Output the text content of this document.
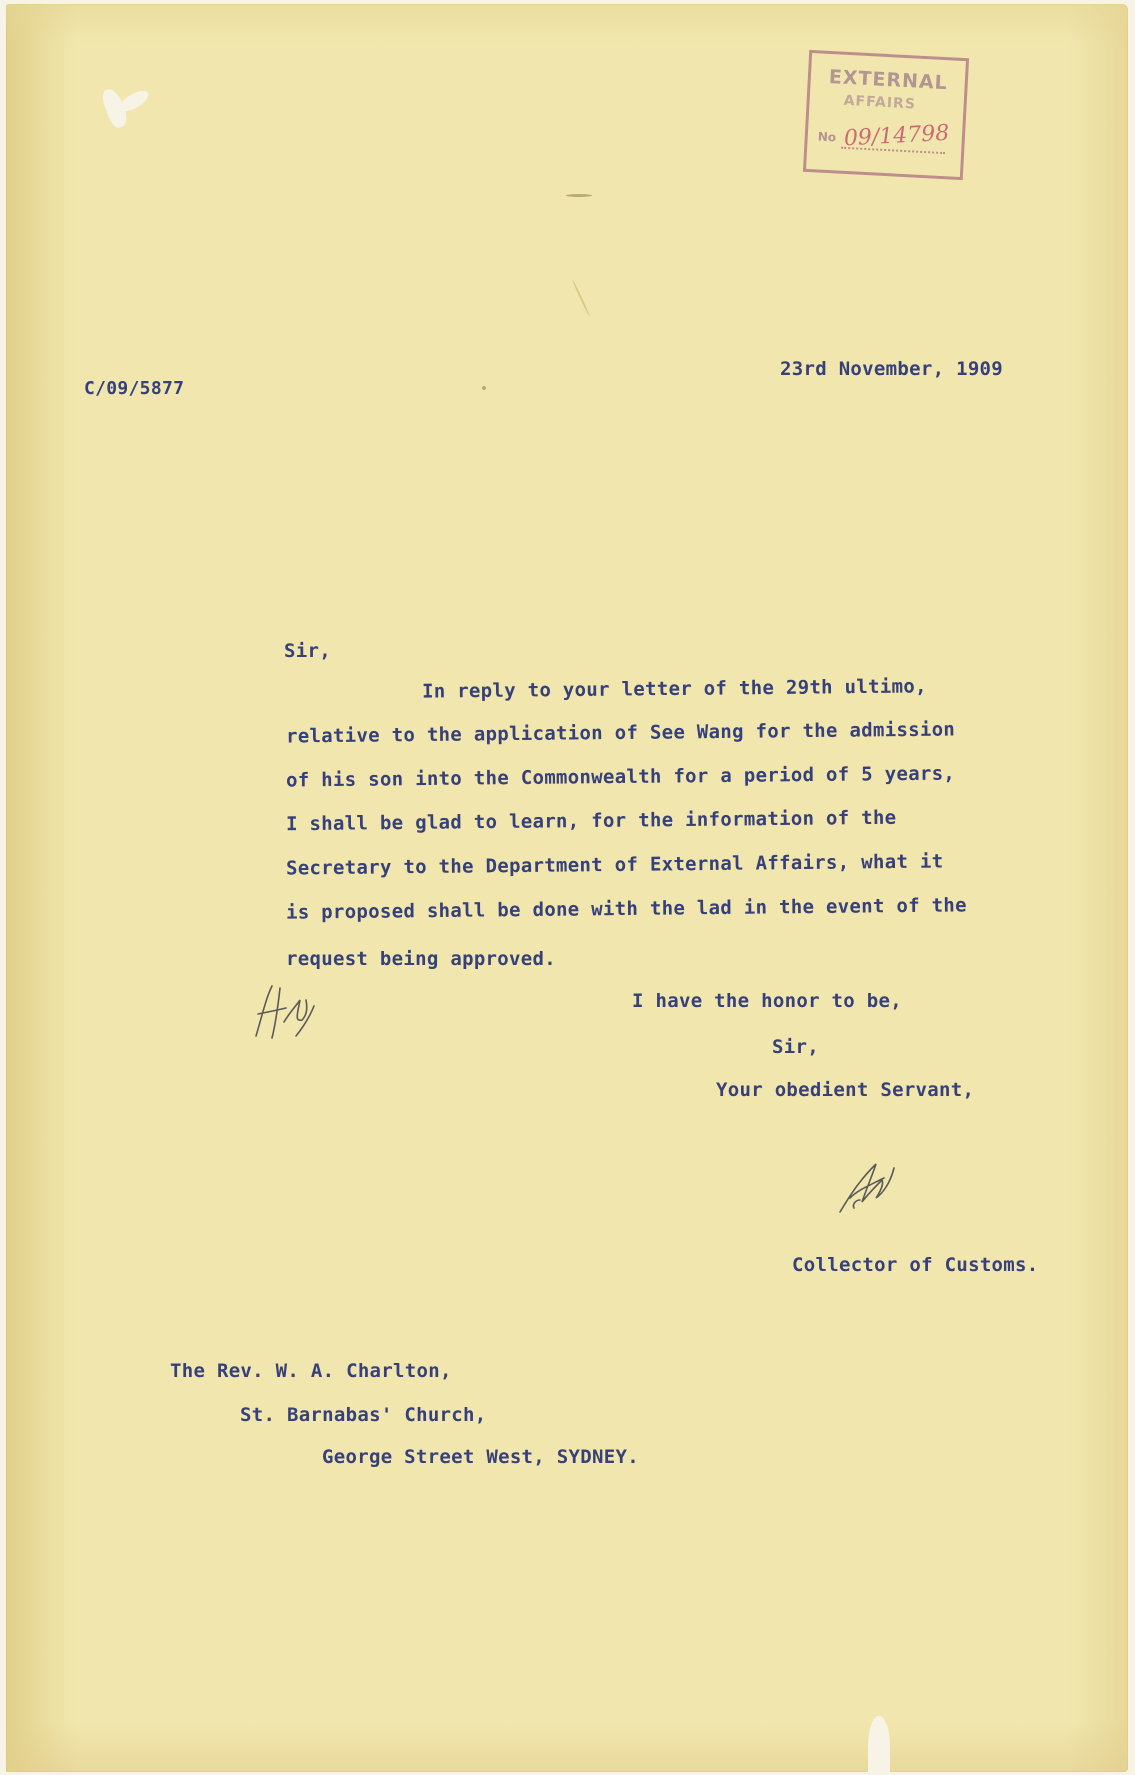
EXTERNAL
AFFAIRS
No 09/14798
C/09/5877
23rd November, 1909
Sir,
In reply to your letter of the 29th ultimo,
relative to the application of See Wang for the admission
of his son into the Commonwealth for a period of 5 years,
I shall be glad to learn, for the information of the
Secretary to the Department of External Affairs, what it
is proposed shall be done with the lad in the event of the
request being approved.
I have the honor to be,
Sir,
Your obedient Servant,
Collector of Customs.
The Rev. W. A. Charlton,
St. Barnabas' Church,
George Street West, SYDNEY.
